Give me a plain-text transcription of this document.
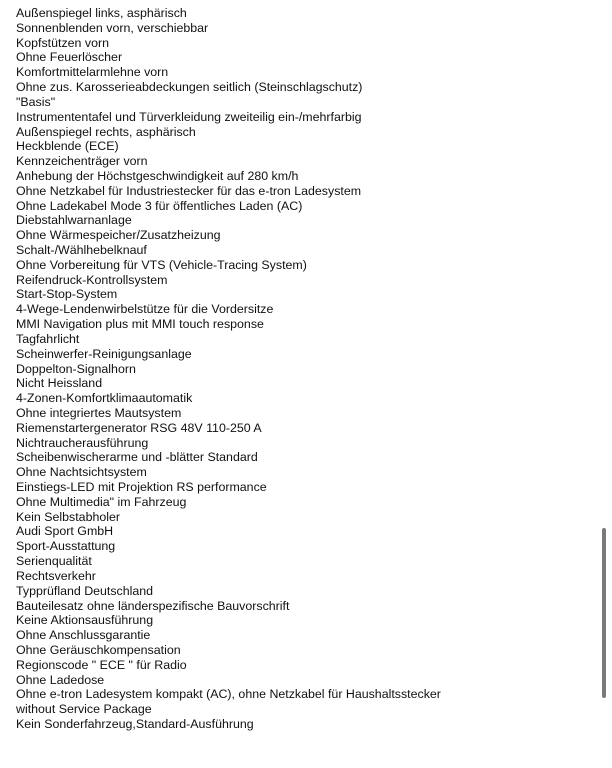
Außenspiegel links, asphärisch
Sonnenblenden vorn, verschiebbar
Kopfstützen vorn
Ohne Feuerlöscher
Komfortmittelarmlehne vorn
Ohne zus. Karosserieabdeckungen seitlich (Steinschlagschutz)
"Basis"
Instrumententafel und Türverkleidung zweiteilig ein-/mehrfarbig
Außenspiegel rechts, asphärisch
Heckblende (ECE)
Kennzeichenträger vorn
Anhebung der Höchstgeschwindigkeit auf 280 km/h
Ohne Netzkabel für Industriestecker für das e-tron Ladesystem
Ohne Ladekabel Mode 3 für öffentliches Laden (AC)
Diebstahlwarnanlage
Ohne Wärmespeicher/Zusatzheizung
Schalt-/Wählhebelknauf
Ohne Vorbereitung für VTS (Vehicle-Tracing System)
Reifendruck-Kontrollsystem
Start-Stop-System
4-Wege-Lendenwirbelstütze für die Vordersitze
MMI Navigation plus mit MMI touch response
Tagfahrlicht
Scheinwerfer-Reinigungsanlage
Doppelton-Signalhorn
Nicht Heissland
4-Zonen-Komfortklimaautomatik
Ohne integriertes Mautsystem
Riemenstartergenerator RSG 48V 110-250 A
Nichtraucherausführung
Scheibenwischerarme und -blätter Standard
Ohne Nachtsichtsystem
Einstiegs-LED mit Projektion RS performance
Ohne Multimedia" im Fahrzeug
Kein Selbstabholer
Audi Sport GmbH
Sport-Ausstattung
Serienqualität
Rechtsverkehr
Typprüfland Deutschland
Bauteilesatz ohne länderspezifische Bauvorschrift
Keine Aktionsausführung
Ohne Anschlussgarantie
Ohne Geräuschkompensation
Regionscode " ECE " für Radio
Ohne Ladedose
Ohne e-tron Ladesystem kompakt (AC), ohne Netzkabel für Haushaltsstecker
without Service Package
Kein Sonderfahrzeug,Standard-Ausführung
